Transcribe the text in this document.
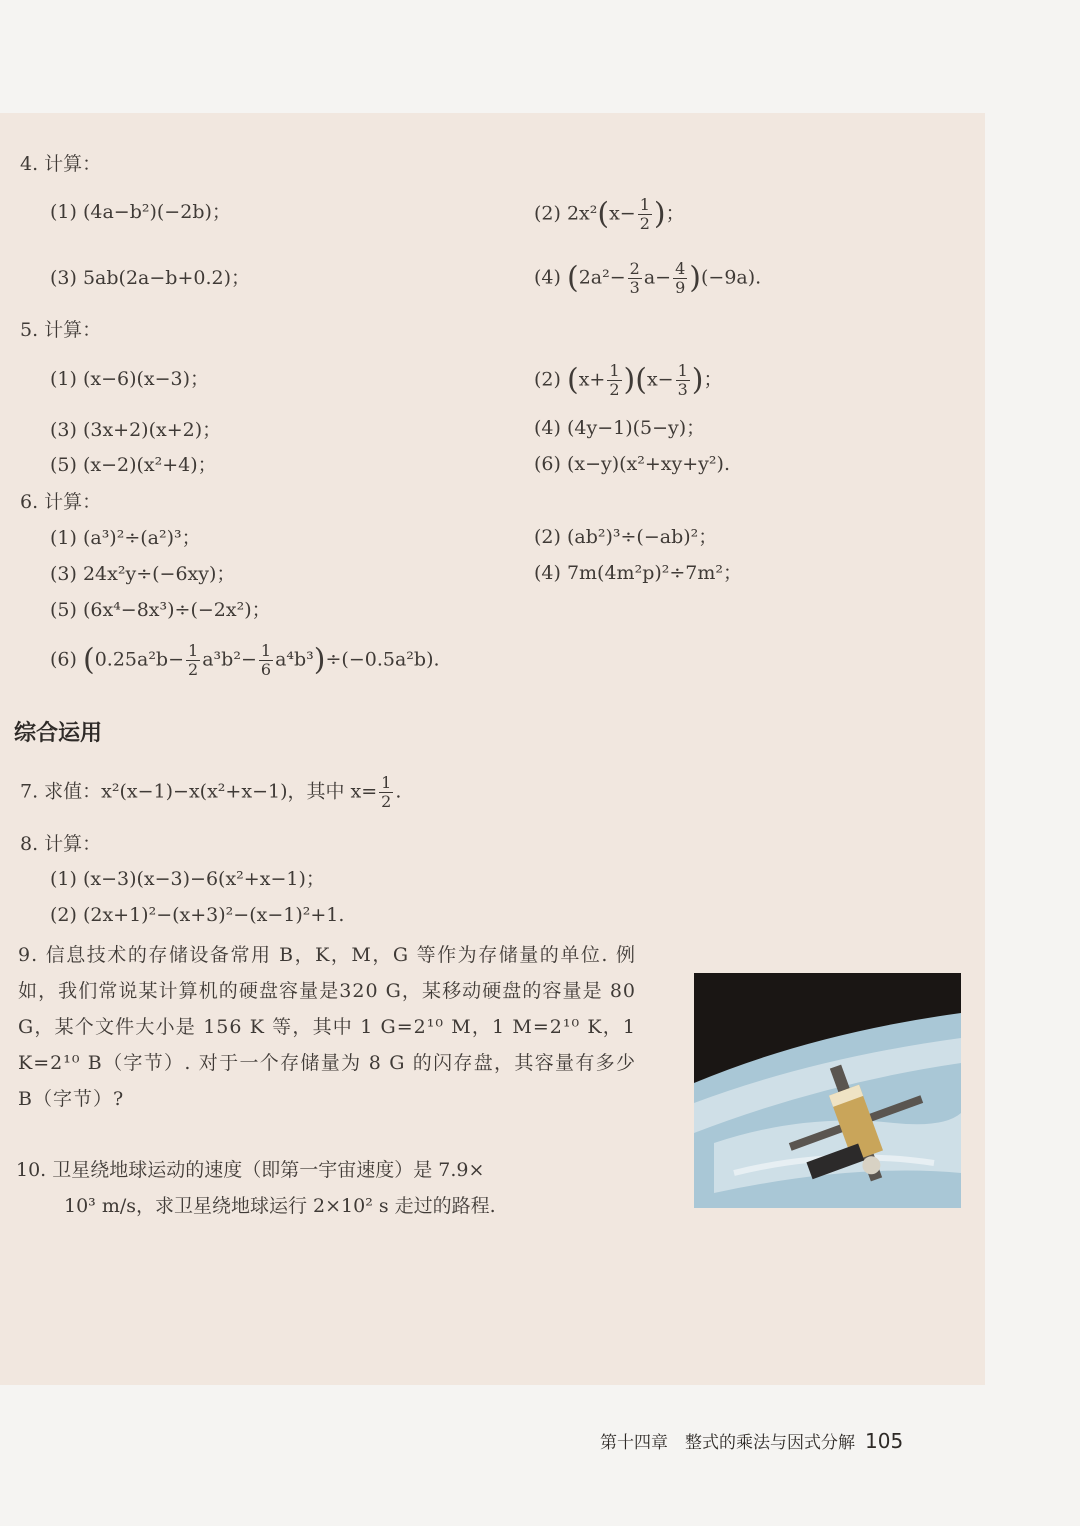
4. 计算：
(1) (4a−b²)(−2b)；	(2) $2x^2(x- \frac{1}{2}$ )；
(3) 5ab(2a−b+0.2)；	(4) $(2a^2- \frac{2}{3} a- \frac{4}{9} )(-9a)$.
5. 计算：
(1) (x−6)(x−3)；	(2) $(x+ \frac{1}{2} )(x- \frac{1}{3}$ )；
(3) (3x+2)(x+2)；	(4) (4y−1)(5−y)；
(5) (x−2)(x²+4)；	(6) (x−y)(x²+xy+y²).
6. 计算：
(1) (a³)²÷(a²)³；	(2) (ab²)³÷(−ab)²；
(3) 24x²y÷(−6xy)；	(4) 7m(4m²p)²÷7m²；
(5) (6x⁴−8x³)÷(−2x²)；
(6) $(0.25a^2b- \frac{1}{2} a^3b^2- \frac{1}{6} a^4b^3)\div(-0.5a^2b)$.
综合运用
7. 求值：x²(x−1)−x(x²+x−1)，其中 $x= \frac{1}{2}$ .
8. 计算：
(1) (x−3)(x−3)−6(x²+x−1)；
(2) (2x+1)²−(x+3)²−(x−1)²+1.
9. 信息技术的存储设备常用 B，K，M，G 等作为存储量的单位. 例如，我们常说某计算机的硬盘容量是320 G，某移动硬盘的容量是 80 G，某个文件大小是 156 K 等，其中 1 G=2¹⁰ M，1 M=2¹⁰ K，1 K=2¹⁰ B（字节）. 对于一个存储量为 8 G 的闪存盘，其容量有多少 B（字节）?
10. 卫星绕地球运动的速度（即第一宇宙速度）是 7.9×
10³ m/s，求卫星绕地球运行 2×10² s 走过的路程.
第十四章　整式的乘法与因式分解 105
